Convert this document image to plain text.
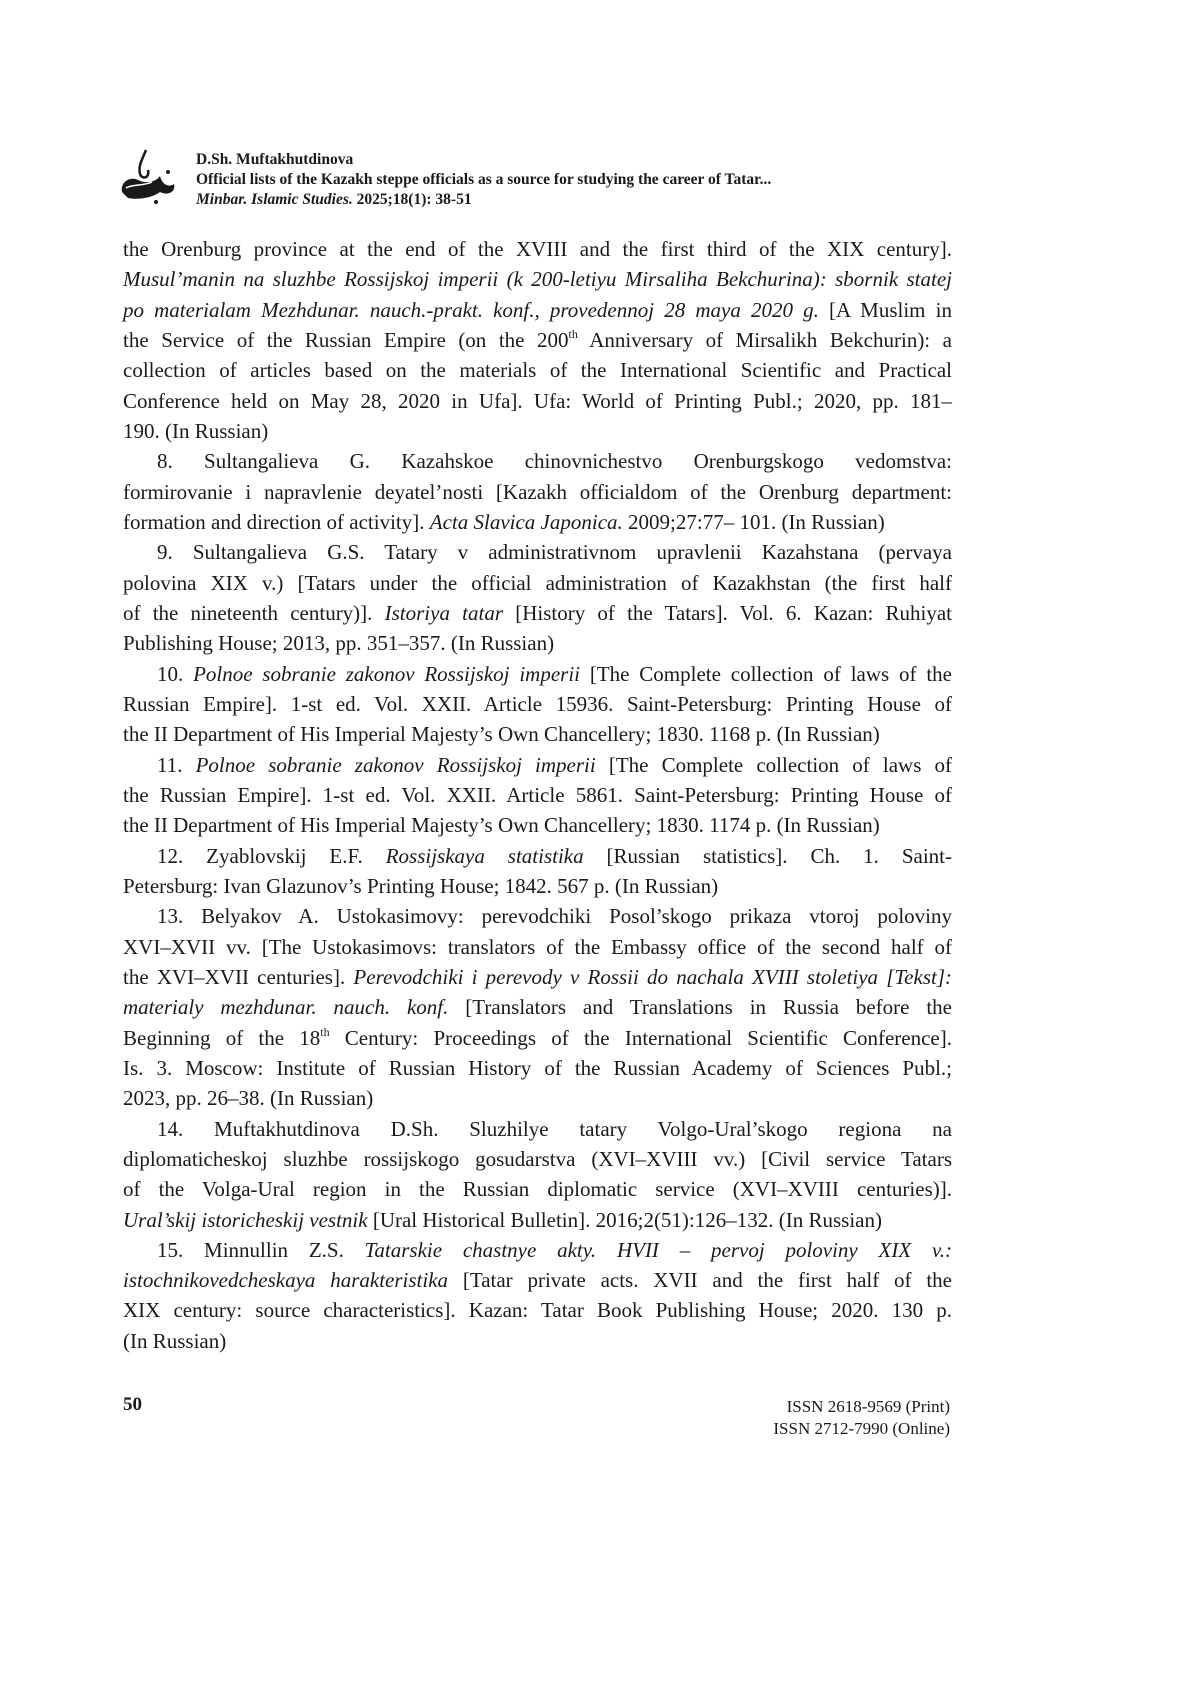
D.Sh. Muftakhutdinova
Official lists of the Kazakh steppe officials as a source for studying the career of Tatar...
Minbar. Islamic Studies. 2025;18(1): 38-51
the Orenburg province at the end of the XVIII and the first third of the XIX century].
Musul’manin na sluzhbe Rossijskoj imperii (k 200-letiyu Mirsaliha Bekchurina): sbornik statej
po materialam Mezhdunar. nauch.-prakt. konf., provedennoj 28 maya 2020 g. [A Muslim in
the Service of the Russian Empire (on the 200th Anniversary of Mirsalikh Bekchurin): a
collection of articles based on the materials of the International Scientific and Practical
Conference held on May 28, 2020 in Ufa]. Ufa: World of Printing Publ.; 2020, pp. 181–
190. (In Russian)
8. Sultangalieva G. Kazahskoe chinovnichestvo Orenburgskogo vedomstva:
formirovanie i napravlenie deyatel’nosti [Kazakh officialdom of the Orenburg department:
formation and direction of activity]. Acta Slavica Japonica. 2009;27:77– 101. (In Russian)
9. Sultangalieva G.S. Tatary v administrativnom upravlenii Kazahstana (pervaya
polovina XIX v.) [Tatars under the official administration of Kazakhstan (the first half
of the nineteenth century)]. Istoriya tatar [History of the Tatars]. Vol. 6. Kazan: Ruhiyat
Publishing House; 2013, pp. 351–357. (In Russian)
10. Polnoe sobranie zakonov Rossijskoj imperii [The Complete collection of laws of the
Russian Empire]. 1-st ed. Vol. XXII. Article 15936. Saint-Petersburg: Printing House of
the II Department of His Imperial Majesty’s Own Chancellery; 1830. 1168 p. (In Russian)
11. Polnoe sobranie zakonov Rossijskoj imperii [The Complete collection of laws of
the Russian Empire]. 1-st ed. Vol. XXII. Article 5861. Saint-Petersburg: Printing House of
the II Department of His Imperial Majesty’s Own Chancellery; 1830. 1174 p. (In Russian)
12. Zyablovskij E.F. Rossijskaya statistika [Russian statistics]. Ch. 1. Saint-
Petersburg: Ivan Glazunov’s Printing House; 1842. 567 p. (In Russian)
13. Belyakov A. Ustokasimovy: perevodchiki Posol’skogo prikaza vtoroj poloviny
XVI–XVII vv. [The Ustokasimovs: translators of the Embassy office of the second half of
the XVI–XVII centuries]. Perevodchiki i perevody v Rossii do nachala XVIII stoletiya [Tekst]:
materialy mezhdunar. nauch. konf. [Translators and Translations in Russia before the
Beginning of the 18th Century: Proceedings of the International Scientific Conference].
Is. 3. Moscow: Institute of Russian History of the Russian Academy of Sciences Publ.;
2023, pp. 26–38. (In Russian)
14. Muftakhutdinova D.Sh. Sluzhilye tatary Volgo-Ural’skogo regiona na
diplomaticheskoj sluzhbe rossijskogo gosudarstva (XVI–XVIII vv.) [Civil service Tatars
of the Volga-Ural region in the Russian diplomatic service (XVI–XVIII centuries)].
Ural’skij istoricheskij vestnik [Ural Historical Bulletin]. 2016;2(51):126–132. (In Russian)
15. Minnullin Z.S. Tatarskie chastnye akty. HVII – pervoj poloviny XIX v.:
istochnikovedcheskaya harakteristika [Tatar private acts. XVII and the first half of the
XIX century: source characteristics]. Kazan: Tatar Book Publishing House; 2020. 130 p.
(In Russian)
50	ISSN 2618-9569 (Print)
ISSN 2712-7990 (Online)
